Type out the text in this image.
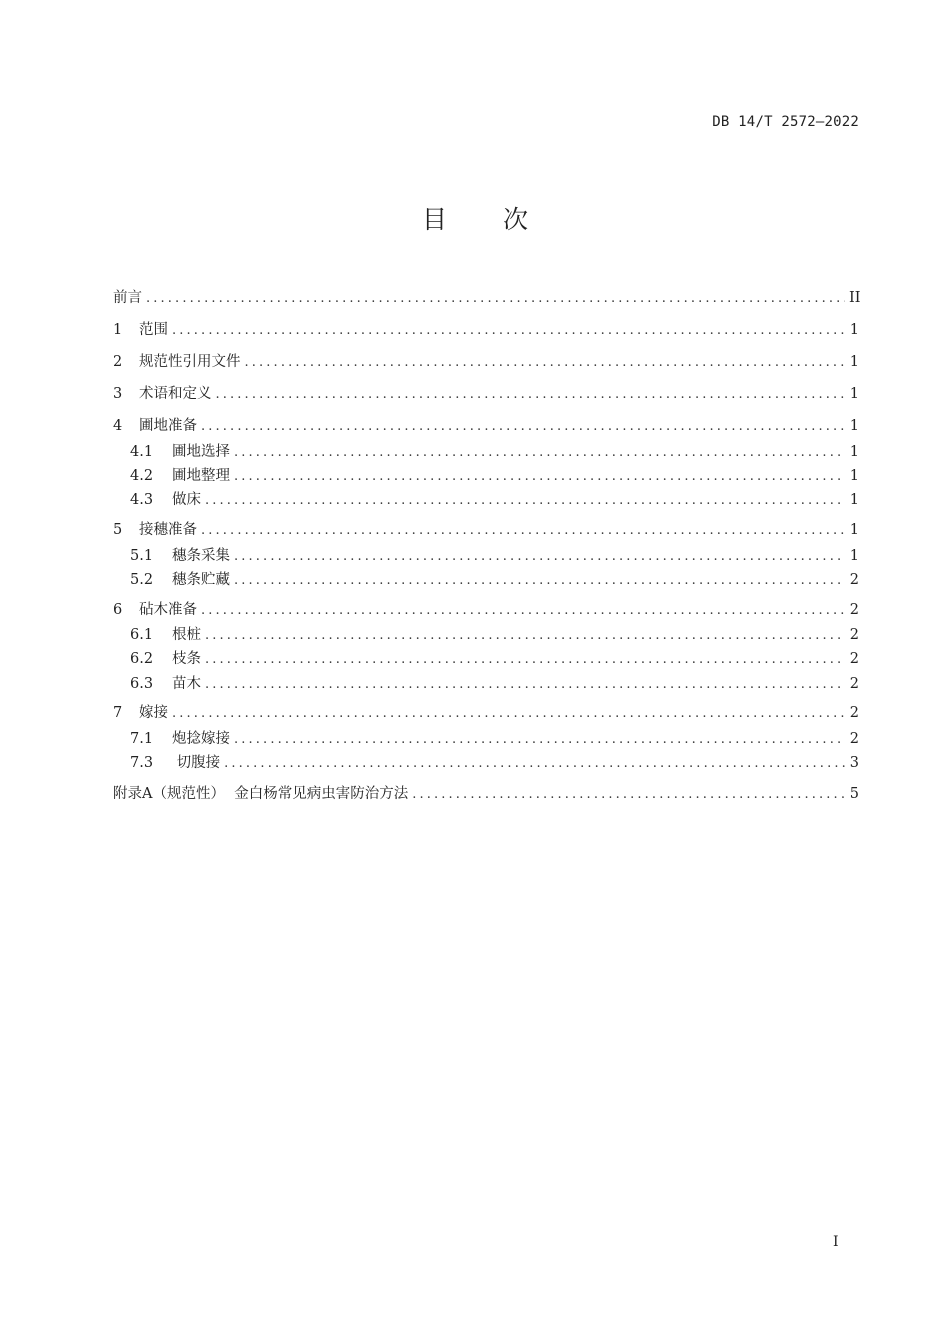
DB 14/T 2572—2022
目 次
前言 . . .	II
1	范围 . . .	1
2	规范性引用文件 . . .	1
3	术语和定义 . . .	1
4	圃地准备 . . .	1
4.1	圃地选择 . . .	1
4.2	圃地整理 . . .	1
4.3	做床 . . .	1
5	接穗准备 . . .	1
5.1	穗条采集 . . .	1
5.2	穗条贮藏 . . .	2
6	砧木准备 . . .	2
6.1	根桩 . . .	2
6.2	枝条 . . .	2
6.3	苗木 . . .	2
7	嫁接 . . .	2
7.1	炮捻嫁接 . . .	2
7.3	切腹接 . . .	3
附录A（规范性）  金白杨常见病虫害防治方法 . . .	5
I
